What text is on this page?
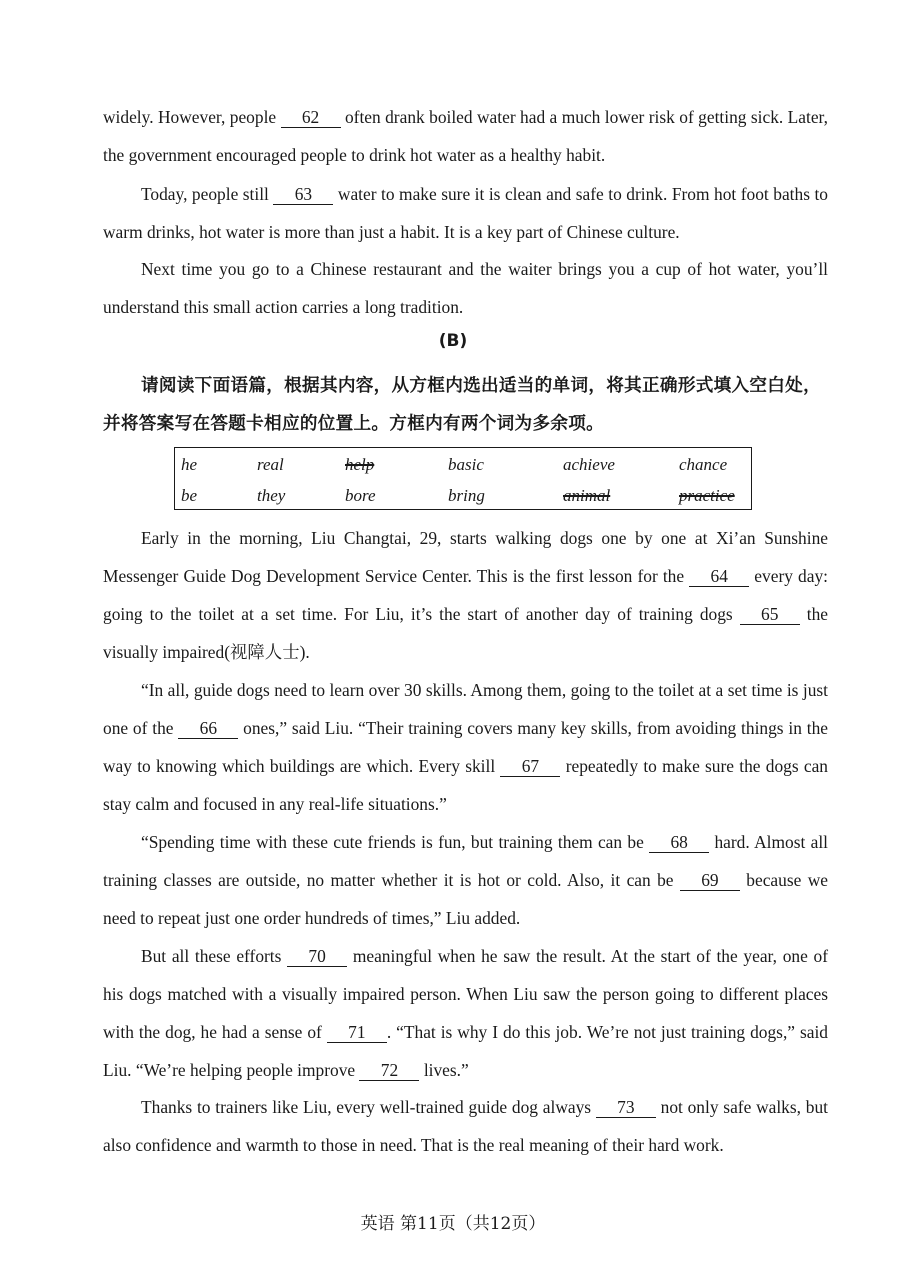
widely. However, people 62 often drank boiled water had a much lower risk of getting sick. Later, the government encouraged people to drink hot water as a healthy habit.

Today, people still 63 water to make sure it is clean and safe to drink. From hot foot baths to warm drinks, hot water is more than just a habit. It is a key part of Chinese culture.

Next time you go to a Chinese restaurant and the waiter brings you a cup of hot water, you’ll understand this small action carries a long tradition.

(B)

请阅读下面语篇，根据其内容，从方框内选出适当的单词，将其正确形式填入空白处，并将答案写在答题卡相应的位置上。方框内有两个词为多余项。

he	real	help	basic	achieve	chance
be	they	bore	bring	animal	practice

Early in the morning, Liu Changtai, 29, starts walking dogs one by one at Xi’an Sunshine Messenger Guide Dog Development Service Center. This is the first lesson for the 64 every day: going to the toilet at a set time. For Liu, it’s the start of another day of training dogs 65 the visually impaired(视障人士).

“In all, guide dogs need to learn over 30 skills. Among them, going to the toilet at a set time is just one of the 66 ones,” said Liu. “Their training covers many key skills, from avoiding things in the way to knowing which buildings are which. Every skill 67 repeatedly to make sure the dogs can stay calm and focused in any real-life situations.”

“Spending time with these cute friends is fun, but training them can be 68 hard. Almost all training classes are outside, no matter whether it is hot or cold. Also, it can be 69 because we need to repeat just one order hundreds of times,” Liu added.

But all these efforts 70 meaningful when he saw the result. At the start of the year, one of his dogs matched with a visually impaired person. When Liu saw the person going to different places with the dog, he had a sense of 71 . “That is why I do this job. We’re not just training dogs,” said Liu. “We’re helping people improve 72 lives.”

Thanks to trainers like Liu, every well-trained guide dog always 73 not only safe walks, but also confidence and warmth to those in need. That is the real meaning of their hard work.

英语 第11页（共12页）
